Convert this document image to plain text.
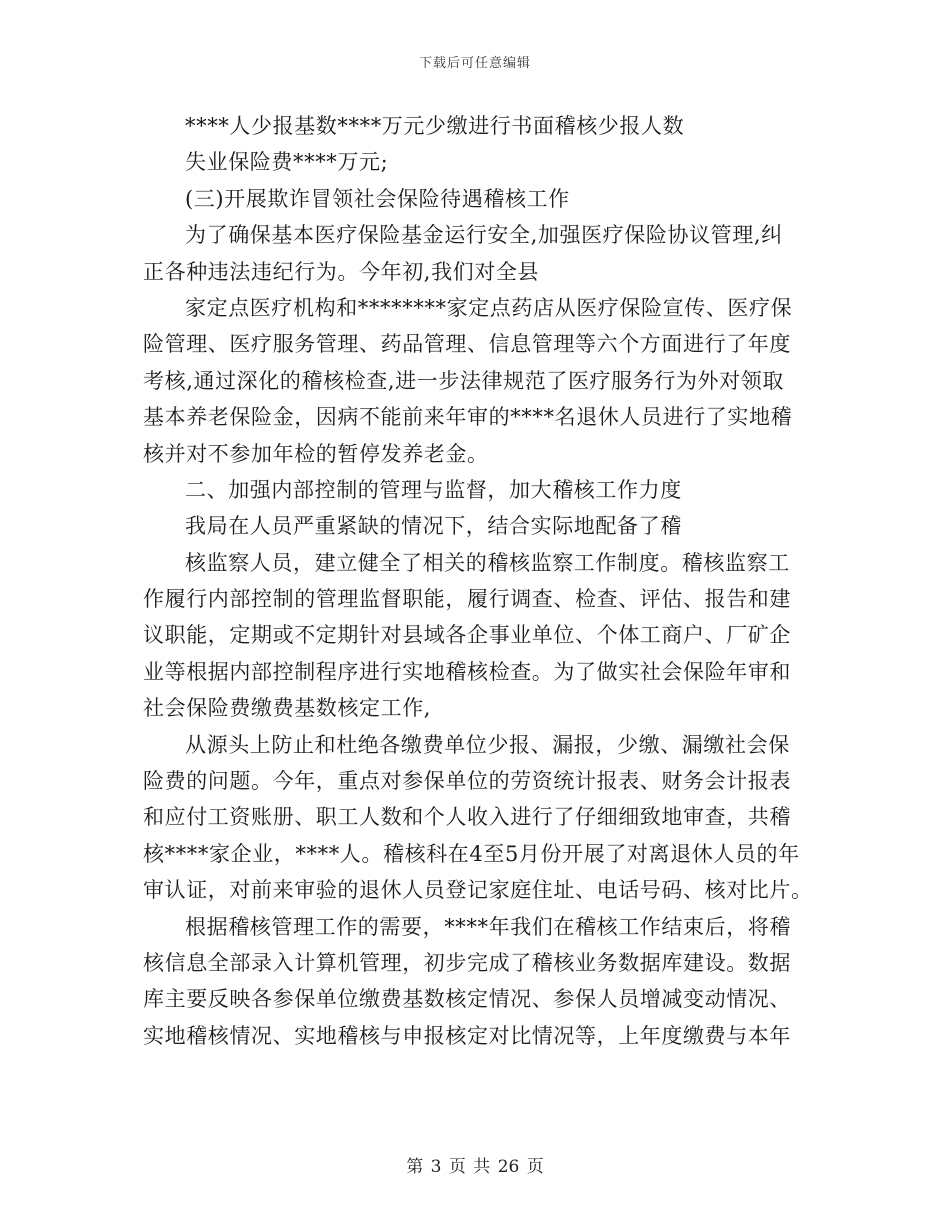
下载后可任意编辑
****人少报基数****万元少缴进行书面稽核少报人数
失业保险费****万元;
(三)开展欺诈冒领社会保险待遇稽核工作
为了确保基本医疗保险基金运行安全,加强医疗保险协议管理,纠
正各种违法违纪行为。今年初,我们对全县
家定点医疗机构和********家定点药店从医疗保险宣传、医疗保
险管理、医疗服务管理、药品管理、信息管理等六个方面进行了年度
考核,通过深化的稽核检查,进一步法律规范了医疗服务行为外对领取
基本养老保险金，因病不能前来年审的****名退休人员进行了实地稽
核并对不参加年检的暂停发养老金。
二、加强内部控制的管理与监督，加大稽核工作力度
我局在人员严重紧缺的情况下，结合实际地配备了稽
核监察人员，建立健全了相关的稽核监察工作制度。稽核监察工
作履行内部控制的管理监督职能，履行调查、检查、评估、报告和建
议职能，定期或不定期针对县域各企事业单位、个体工商户、厂矿企
业等根据内部控制程序进行实地稽核检查。为了做实社会保险年审和
社会保险费缴费基数核定工作,
从源头上防止和杜绝各缴费单位少报、漏报，少缴、漏缴社会保
险费的问题。今年，重点对参保单位的劳资统计报表、财务会计报表
和应付工资账册、职工人数和个人收入进行了仔细细致地审查，共稽
核****家企业，****人。稽核科在4至5月份开展了对离退休人员的年
审认证，对前来审验的退休人员登记家庭住址、电话号码、核对比片。
根据稽核管理工作的需要，****年我们在稽核工作结束后，将稽
核信息全部录入计算机管理，初步完成了稽核业务数据库建设。数据
库主要反映各参保单位缴费基数核定情况、参保人员增减变动情况、
实地稽核情况、实地稽核与申报核定对比情况等，上年度缴费与本年
第 3 页 共 26 页
